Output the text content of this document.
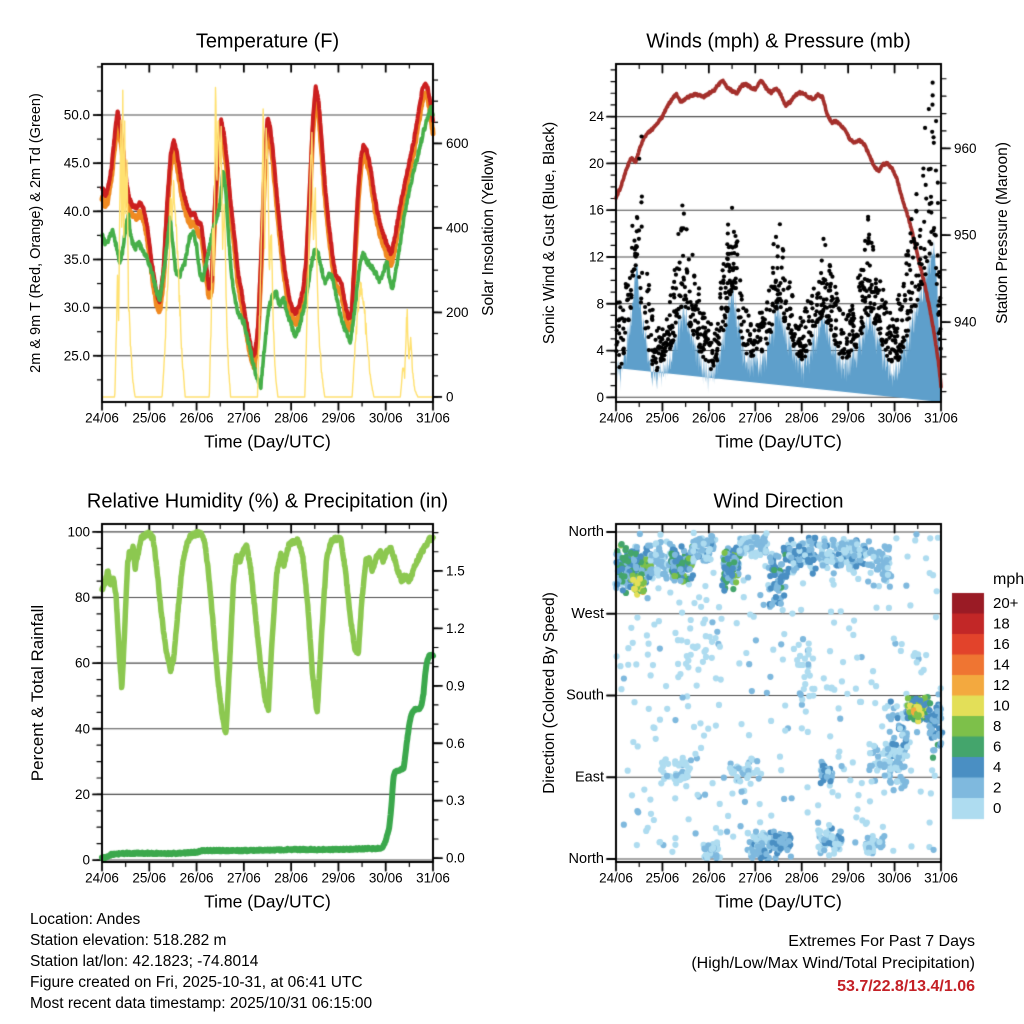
Temperature (F)
Time (Day/UTC)
24/06 25/06 26/06 27/06 28/06 29/06 30/06 31/06
25.0
30.0
35.0
40.0
45.0
50.0
0
200
400
600
2m & 9m T (Red, Orange) & 2m Td (Green)	Solar Insolation (Yellow)
Winds (mph) & Pressure (mb)
Time (Day/UTC)
24/06 25/06 26/06 27/06 28/06 29/06 30/06 31/06
0
4
8
12
16
20
24
940
950
960
Sonic Wind & Gust (Blue, Black)	Station Pressure (Maroon)
Relative Humidity (%) & Precipitation (in)
Time (Day/UTC)
24/06 25/06 26/06 27/06 28/06 29/06 30/06 31/06
0
20
40
60
80
100
0.0
0.3
0.6
0.9
1.2
1.5
Percent & Total Rainfall
Wind Direction
Time (Day/UTC)
24/06 25/06 26/06 27/06 28/06 29/06 30/06 31/06
North
West
South
East
North
Direction (Colored By Speed)	20+
18
16
14
12
10
8
6
4
2
0
mph
Location: Andes
Station elevation: 518.282 m
Station lat/lon: 42.1823; -74.8014
Figure created on Fri, 2025-10-31, at 06:41 UTC
Most recent data timestamp: 2025/10/31 06:15:00
Extremes For Past 7 Days
(High/Low/Max Wind/Total Precipitation)
53.7/22.8/13.4/1.06
